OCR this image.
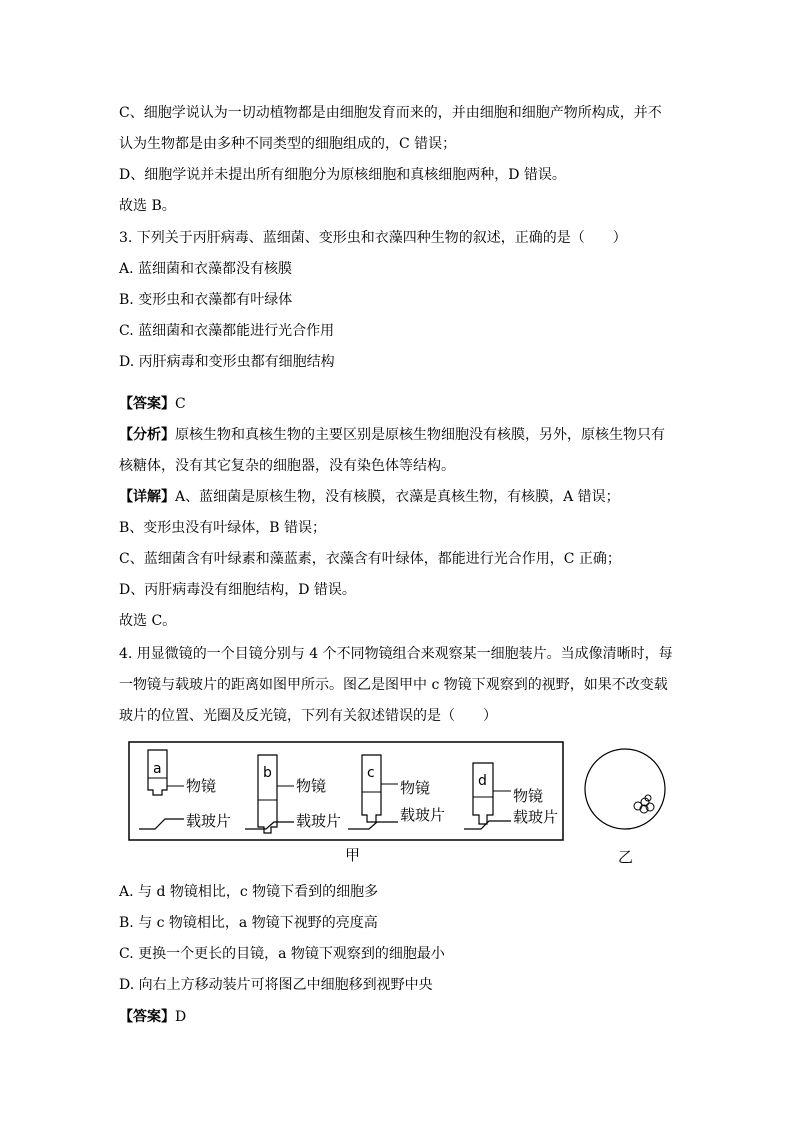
C、细胞学说认为一切动植物都是由细胞发育而来的，并由细胞和细胞产物所构成，并不
认为生物都是由多种不同类型的细胞组成的，C 错误；
D、细胞学说并未提出所有细胞分为原核细胞和真核细胞两种，D 错误。
故选 B。
3. 下列关于丙肝病毒、蓝细菌、变形虫和衣藻四种生物的叙述，正确的是（　　）
A. 蓝细菌和衣藻都没有核膜
B. 变形虫和衣藻都有叶绿体
C. 蓝细菌和衣藻都能进行光合作用
D. 丙肝病毒和变形虫都有细胞结构
【答案】C
【分析】原核生物和真核生物的主要区别是原核生物细胞没有核膜，另外，原核生物只有
核糖体，没有其它复杂的细胞器，没有染色体等结构。
【详解】A、蓝细菌是原核生物，没有核膜，衣藻是真核生物，有核膜，A 错误；
B、变形虫没有叶绿体，B 错误；
C、蓝细菌含有叶绿素和藻蓝素，衣藻含有叶绿体，都能进行光合作用，C 正确；
D、丙肝病毒没有细胞结构，D 错误。
故选 C。
4. 用显微镜的一个目镜分别与 4 个不同物镜组合来观察某一细胞装片。当成像清晰时，每
一物镜与载玻片的距离如图甲所示。图乙是图甲中 c 物镜下观察到的视野，如果不改变载
玻片的位置、光圈及反光镜，下列有关叙述错误的是（　　）
a
物镜
载玻片
b
物镜
载玻片
c
物镜
载玻片
d
物镜
载玻片
甲	乙
A. 与 d 物镜相比，c 物镜下看到的细胞多
B. 与 c 物镜相比，a 物镜下视野的亮度高
C. 更换一个更长的目镜，a 物镜下观察到的细胞最小
D. 向右上方移动装片可将图乙中细胞移到视野中央
【答案】D
